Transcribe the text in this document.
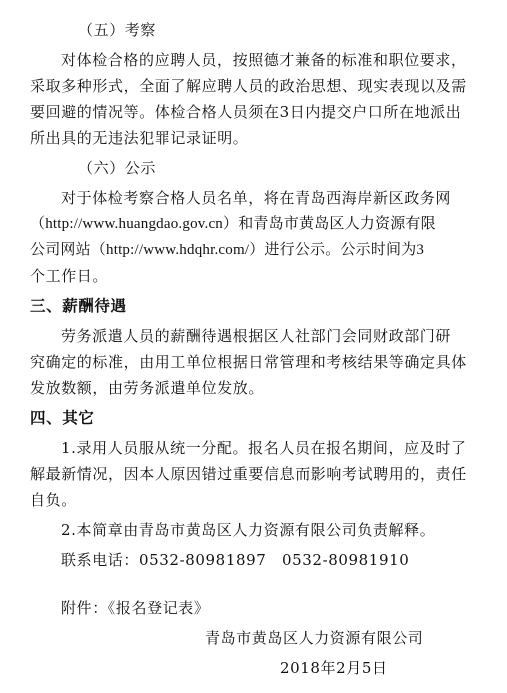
（五）考察
对体检合格的应聘人员，按照德才兼备的标准和职位要求，
采取多种形式，全面了解应聘人员的政治思想、现实表现以及需
要回避的情况等。体检合格人员须在3日内提交户口所在地派出
所出具的无违法犯罪记录证明。
（六）公示
对于体检考察合格人员名单，将在青岛西海岸新区政务网
（http://www.huangdao.gov.cn）和青岛市黄岛区人力资源有限
公司网站（http://www.hdqhr.com/）进行公示。公示时间为3
个工作日。
三、薪酬待遇
劳务派遣人员的薪酬待遇根据区人社部门会同财政部门研
究确定的标准，由用工单位根据日常管理和考核结果等确定具体
发放数额，由劳务派遣单位发放。
四、其它
1.录用人员服从统一分配。报名人员在报名期间，应及时了
解最新情况，因本人原因错过重要信息而影响考试聘用的，责任
自负。
2.本简章由青岛市黄岛区人力资源有限公司负责解释。
联系电话：0532-80981897　0532-80981910
附件：《报名登记表》
青岛市黄岛区人力资源有限公司
2018年2月5日
